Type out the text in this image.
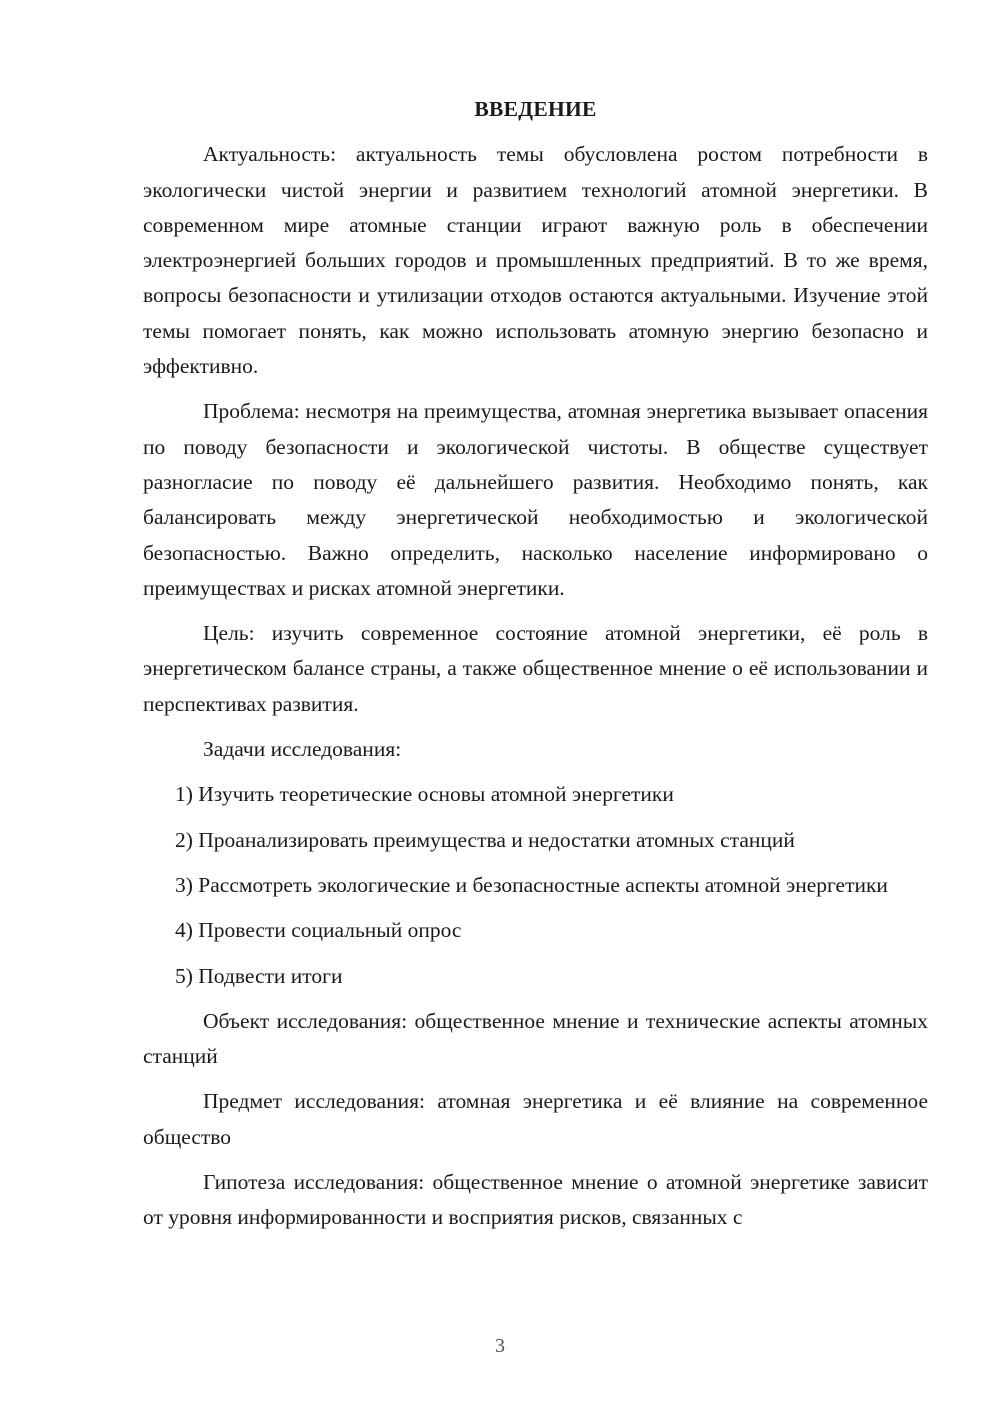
ВВЕДЕНИЕ

Актуальность: актуальность темы обусловлена ростом потребности в экологически чистой энергии и развитием технологий атомной энергетики. В современном мире атомные станции играют важную роль в обеспечении электроэнергией больших городов и промышленных предприятий. В то же время, вопросы безопасности и утилизации отходов остаются актуальными. Изучение этой темы помогает понять, как можно использовать атомную энергию безопасно и эффективно.

Проблема: несмотря на преимущества, атомная энергетика вызывает опасения по поводу безопасности и экологической чистоты. В обществе существует разногласие по поводу её дальнейшего развития. Необходимо понять, как балансировать между энергетической необходимостью и экологической безопасностью. Важно определить, насколько население информировано о преимуществах и рисках атомной энергетики.

Цель: изучить современное состояние атомной энергетики, её роль в энергетическом балансе страны, а также общественное мнение о её использовании и перспективах развития.

Задачи исследования:

1) Изучить теоретические основы атомной энергетики

2) Проанализировать преимущества и недостатки атомных станций

3) Рассмотреть экологические и безопасностные аспекты атомной энергетики

4) Провести социальный опрос

5) Подвести итоги

Объект исследования: общественное мнение и технические аспекты атомных станций

Предмет исследования: атомная энергетика и её влияние на современное общество

Гипотеза исследования: общественное мнение о атомной энергетике зависит от уровня информированности и восприятия рисков, связанных с

3
